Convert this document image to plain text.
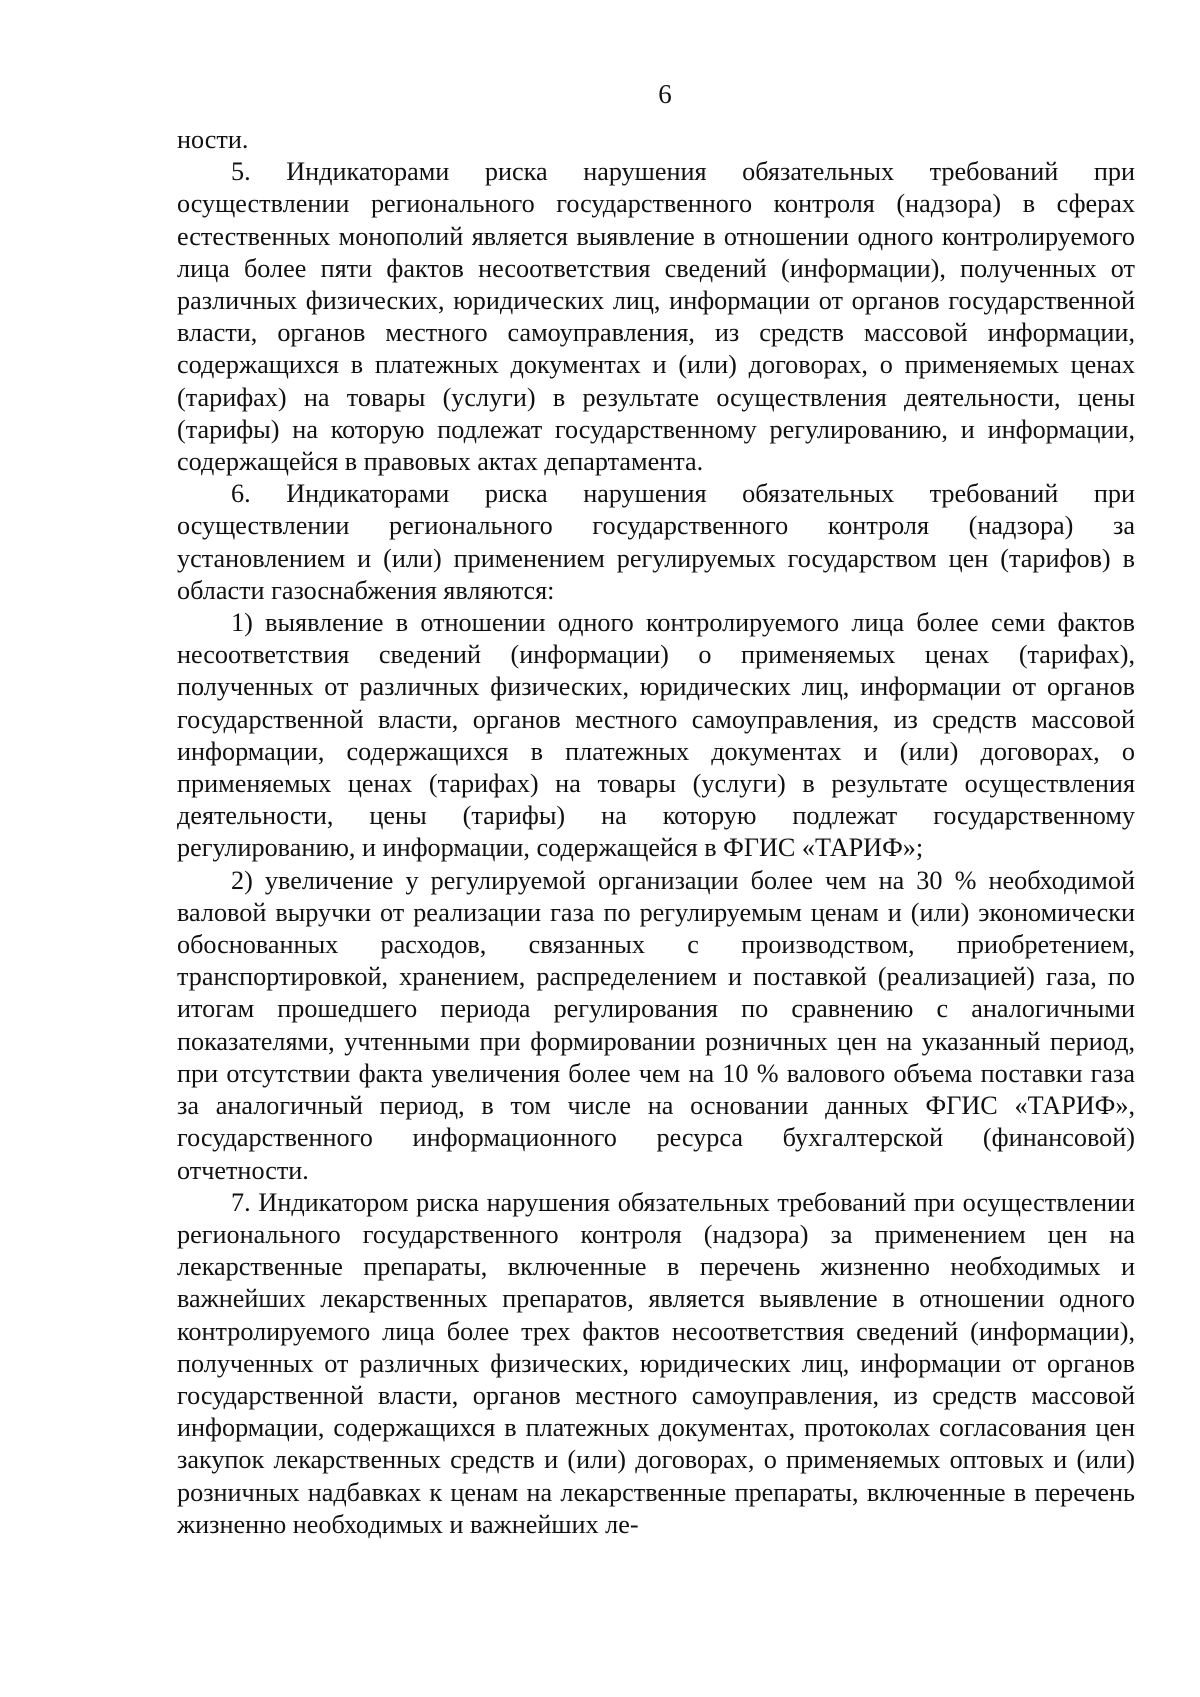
6

ности.

5. Индикаторами риска нарушения обязательных требований при осуществлении регионального государственного контроля (надзора) в сферах естественных монополий является выявление в отношении одного контролируемого лица более пяти фактов несоответствия сведений (информации), полученных от различных физических, юридических лиц, информации от органов государственной власти, органов местного самоуправления, из средств массовой информации, содержащихся в платежных документах и (или) договорах, о применяемых ценах (тарифах) на товары (услуги) в результате осуществления деятельности, цены (тарифы) на которую подлежат государственному регулированию, и информации, содержащейся в правовых актах департамента.

6. Индикаторами риска нарушения обязательных требований при осуществлении регионального государственного контроля (надзора) за установлением и (или) применением регулируемых государством цен (тарифов) в области газоснабжения являются:

1) выявление в отношении одного контролируемого лица более семи фактов несоответствия сведений (информации) о применяемых ценах (тарифах), полученных от различных физических, юридических лиц, информации от органов государственной власти, органов местного самоуправления, из средств массовой информации, содержащихся в платежных документах и (или) договорах, о применяемых ценах (тарифах) на товары (услуги) в результате осуществления деятельности, цены (тарифы) на которую подлежат государственному регулированию, и информации, содержащейся в ФГИС «ТАРИФ»;

2) увеличение у регулируемой организации более чем на 30 % необходимой валовой выручки от реализации газа по регулируемым ценам и (или) экономически обоснованных расходов, связанных с производством, приобретением, транспортировкой, хранением, распределением и поставкой (реализацией) газа, по итогам прошедшего периода регулирования по сравнению с аналогичными показателями, учтенными при формировании розничных цен на указанный период, при отсутствии факта увеличения более чем на 10 % валового объема поставки газа за аналогичный период, в том числе на основании данных ФГИС «ТАРИФ», государственного информационного ресурса бухгалтерской (финансовой) отчетности.

7. Индикатором риска нарушения обязательных требований при осуществлении регионального государственного контроля (надзора) за применением цен на лекарственные препараты, включенные в перечень жизненно необходимых и важнейших лекарственных препаратов, является выявление в отношении одного контролируемого лица более трех фактов несоответствия сведений (информации), полученных от различных физических, юридических лиц, информации от органов государственной власти, органов местного самоуправления, из средств массовой информации, содержащихся в платежных документах, протоколах согласования цен закупок лекарственных средств и (или) договорах, о применяемых оптовых и (или) розничных надбавках к ценам на лекарственные препараты, включенные в перечень жизненно необходимых и важнейших ле-
